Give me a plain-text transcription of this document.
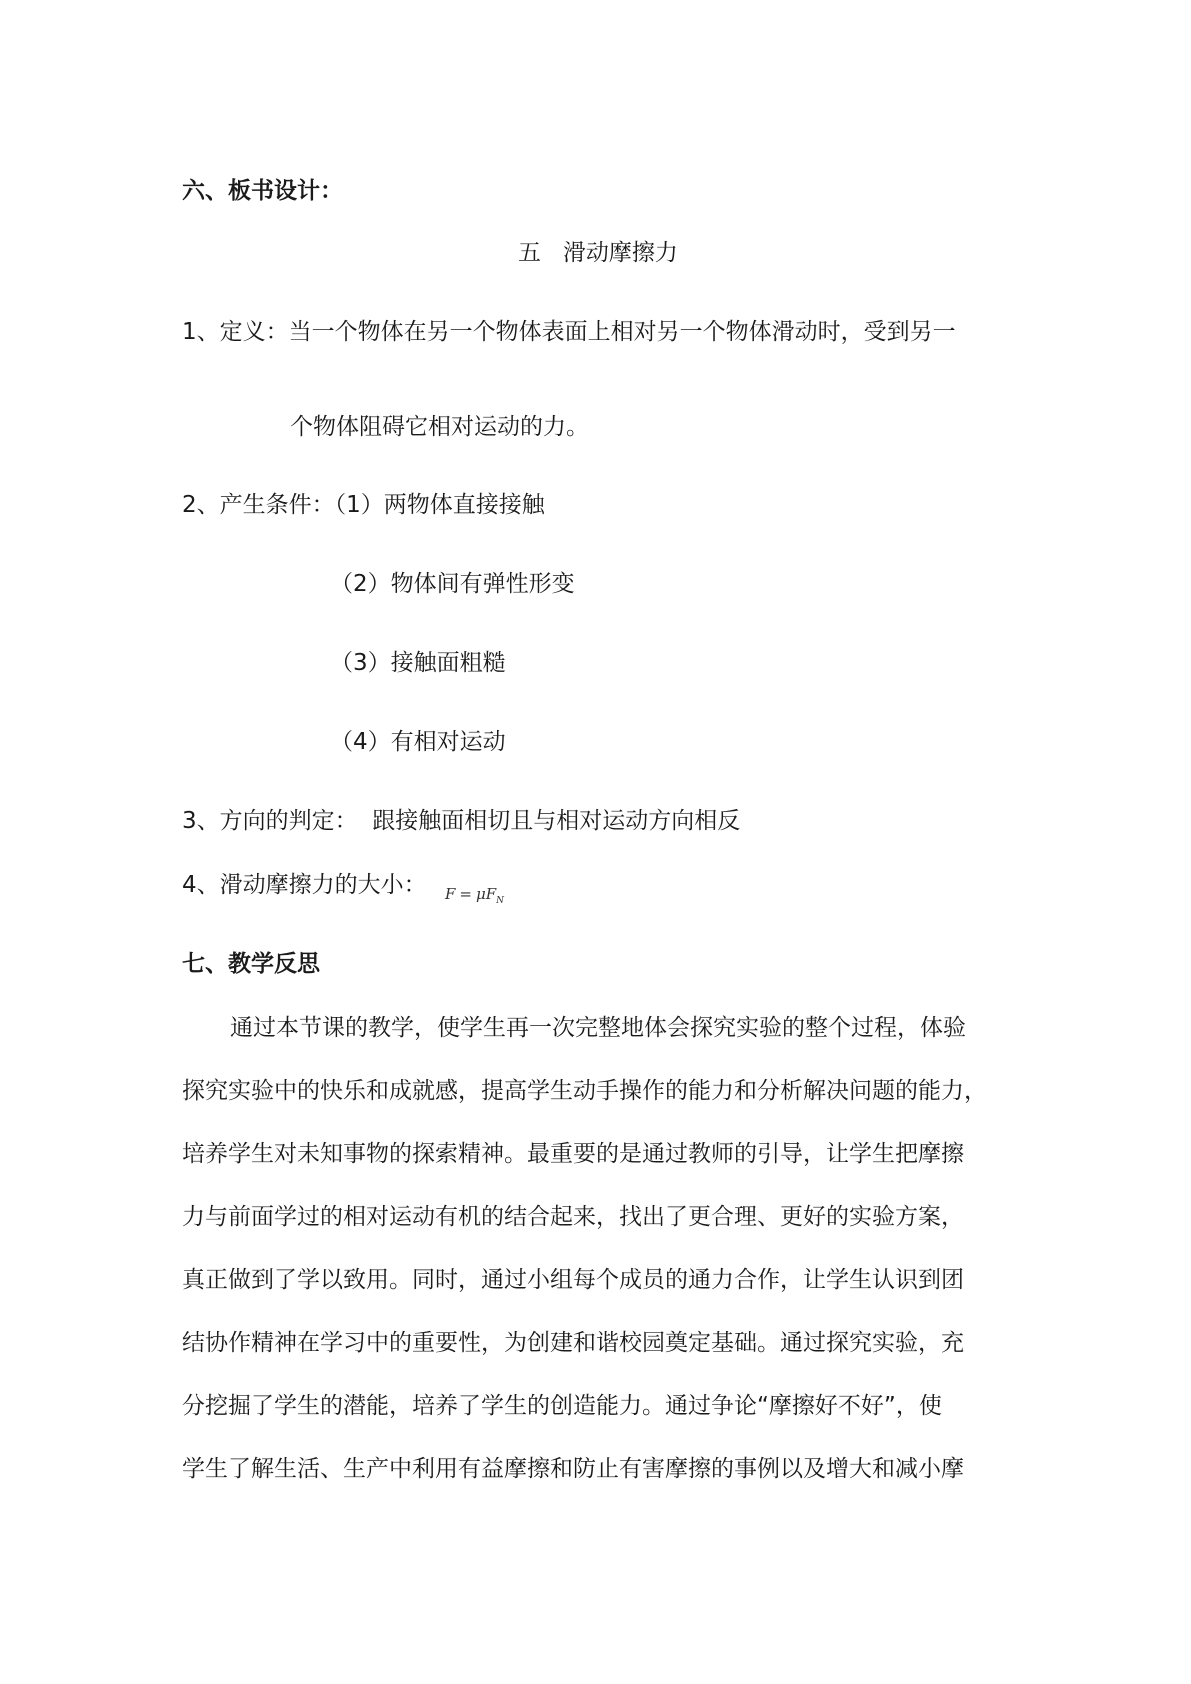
六、板书设计：
五   滑动摩擦力
1、定义：当一个物体在另一个物体表面上相对另一个物体滑动时，受到另一
个物体阻碍它相对运动的力。
2、产生条件：（1）两物体直接接触
（2）物体间有弹性形变
（3）接触面粗糙
（4）有相对运动
3、方向的判定：  跟接触面相切且与相对运动方向相反
4、滑动摩擦力的大小： $F = \mu F_N$
七、教学反思
通过本节课的教学，使学生再一次完整地体会探究实验的整个过程，体验
探究实验中的快乐和成就感，提高学生动手操作的能力和分析解决问题的能力，
培养学生对未知事物的探索精神。最重要的是通过教师的引导，让学生把摩擦
力与前面学过的相对运动有机的结合起来，找出了更合理、更好的实验方案，
真正做到了学以致用。同时，通过小组每个成员的通力合作，让学生认识到团
结协作精神在学习中的重要性，为创建和谐校园奠定基础。通过探究实验，充
分挖掘了学生的潜能，培养了学生的创造能力。通过争论“摩擦好不好”，使
学生了解生活、生产中利用有益摩擦和防止有害摩擦的事例以及增大和减小摩
